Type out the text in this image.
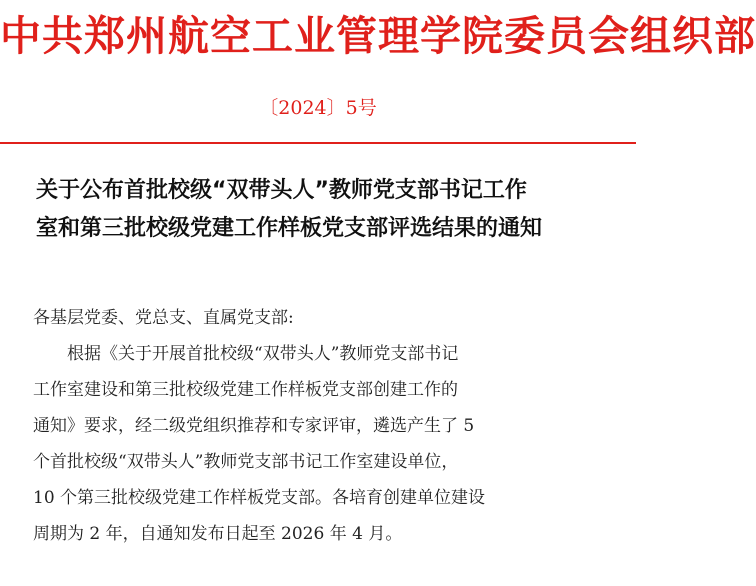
中共郑州航空工业管理学院委员会组织部
〔2024〕5号
关于公布首批校级“双带头人”教师党支部书记工作
室和第三批校级党建工作样板党支部评选结果的通知
各基层党委、党总支、直属党支部:
根据《关于开展首批校级“双带头人”教师党支部书记
工作室建设和第三批校级党建工作样板党支部创建工作的
通知》要求，经二级党组织推荐和专家评审，遴选产生了 5
个首批校级“双带头人”教师党支部书记工作室建设单位，
10 个第三批校级党建工作样板党支部。各培育创建单位建设
周期为 2 年，自通知发布日起至 2026 年 4 月。
